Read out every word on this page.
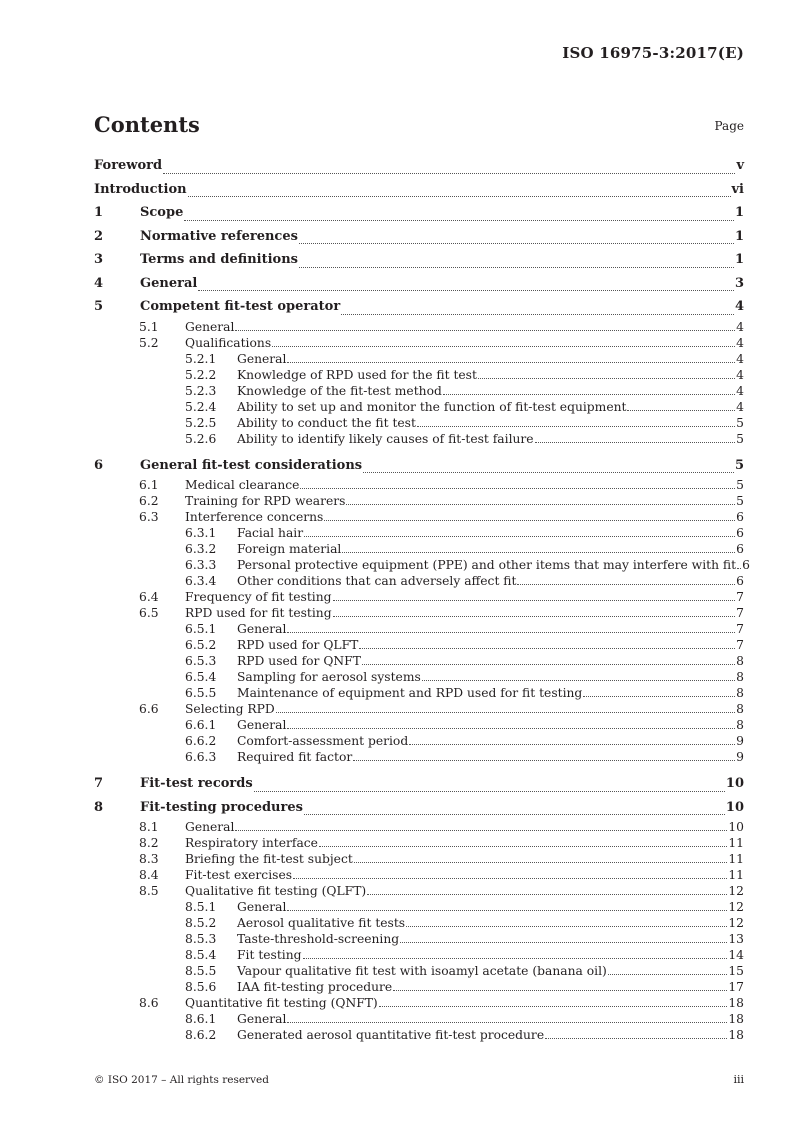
ISO 16975-3:2017(E)
Contents	Page
Foreword	v
Introduction	vi
1	Scope	1
2	Normative references	1
3	Terms and definitions	1
4	General	3
5	Competent fit-test operator	4
5.1	General	4
5.2	Qualifications	4
5.2.1	General	4
5.2.2	Knowledge of RPD used for the fit test	4
5.2.3	Knowledge of the fit-test method	4
5.2.4	Ability to set up and monitor the function of fit-test equipment	4
5.2.5	Ability to conduct the fit test	5
5.2.6	Ability to identify likely causes of fit-test failure	5
6	General fit-test considerations	5
6.1	Medical clearance	5
6.2	Training for RPD wearers	5
6.3	Interference concerns	6
6.3.1	Facial hair	6
6.3.2	Foreign material	6
6.3.3	Personal protective equipment (PPE) and other items that may interfere with fit 6
6.3.4	Other conditions that can adversely affect fit	6
6.4	Frequency of fit testing	7
6.5	RPD used for fit testing	7
6.5.1	General	7
6.5.2	RPD used for QLFT	7
6.5.3	RPD used for QNFT	8
6.5.4	Sampling for aerosol systems	8
6.5.5	Maintenance of equipment and RPD used for fit testing	8
6.6	Selecting RPD	8
6.6.1	General	8
6.6.2	Comfort-assessment period	9
6.6.3	Required fit factor	9
7	Fit-test records	10
8	Fit-testing procedures	10
8.1	General	10
8.2	Respiratory interface	11
8.3	Briefing the fit-test subject	11
8.4	Fit-test exercises	11
8.5	Qualitative fit testing (QLFT)	12
8.5.1	General	12
8.5.2	Aerosol qualitative fit tests	12
8.5.3	Taste-threshold-screening	13
8.5.4	Fit testing	14
8.5.5	Vapour qualitative fit test with isoamyl acetate (banana oil)	15
8.5.6	IAA fit-testing procedure	17
8.6	Quantitative fit testing (QNFT)	18
8.6.1	General	18
8.6.2	Generated aerosol quantitative fit-test procedure	18
© ISO 2017 – All rights reserved	iii
